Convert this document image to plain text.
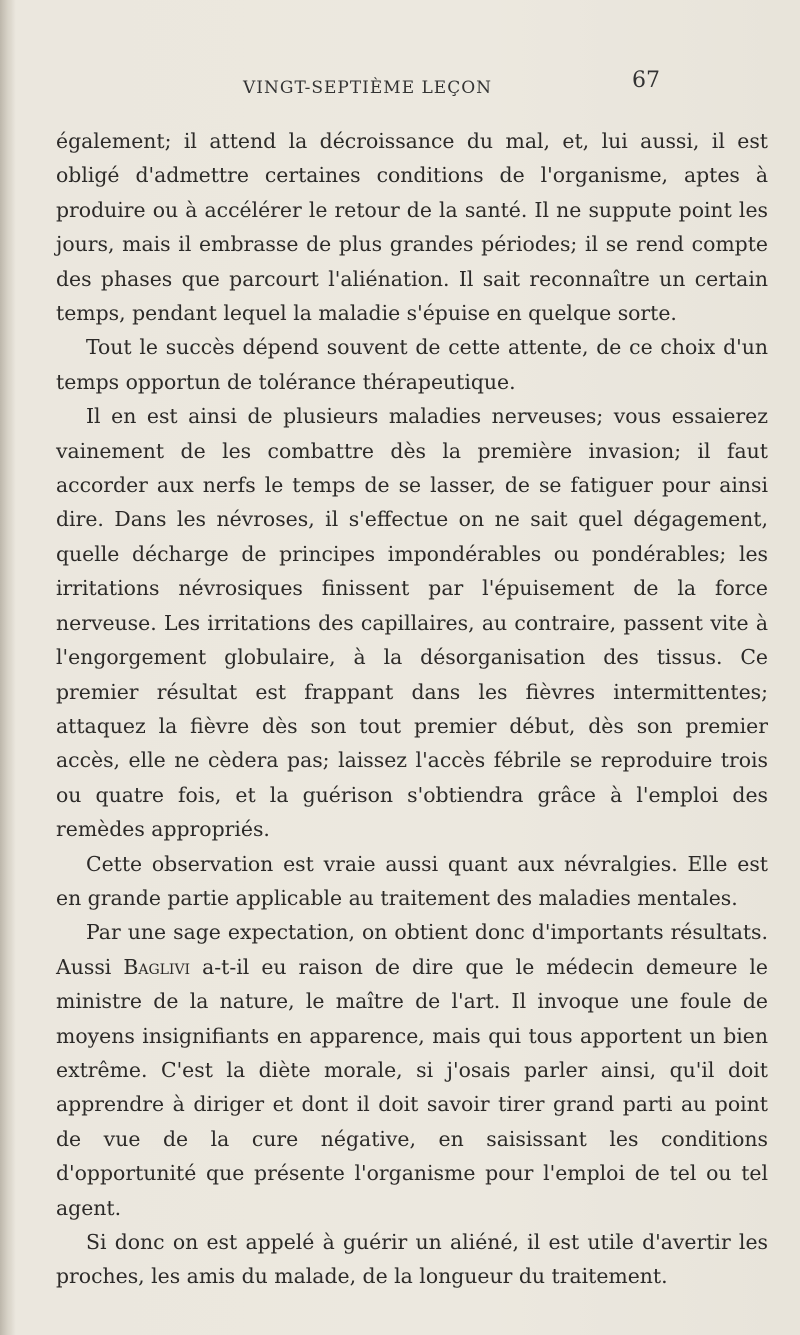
VINGT-SEPTIÈME LEÇON	67

également; il attend la décroissance du mal, et, lui aussi, il est obligé d'admettre certaines conditions de l'organisme, aptes à produire ou à accélérer le retour de la santé. Il ne suppute point les jours, mais il embrasse de plus grandes périodes; il se rend compte des phases que parcourt l'aliénation. Il sait reconnaître un certain temps, pendant lequel la maladie s'épuise en quelque sorte.

Tout le succès dépend souvent de cette attente, de ce choix d'un temps opportun de tolérance thérapeutique.

Il en est ainsi de plusieurs maladies nerveuses; vous essaierez vainement de les combattre dès la première invasion; il faut accorder aux nerfs le temps de se lasser, de se fatiguer pour ainsi dire. Dans les névroses, il s'effectue on ne sait quel dégagement, quelle décharge de principes impondérables ou pondérables; les irritations névrosiques finissent par l'épuisement de la force nerveuse. Les irritations des capillaires, au contraire, passent vite à l'engorgement globulaire, à la désorganisation des tissus. Ce premier résultat est frappant dans les fièvres intermittentes; attaquez la fièvre dès son tout premier début, dès son premier accès, elle ne cèdera pas; laissez l'accès fébrile se reproduire trois ou quatre fois, et la guérison s'obtiendra grâce à l'emploi des remèdes appropriés.

Cette observation est vraie aussi quant aux névralgies. Elle est en grande partie applicable au traitement des maladies mentales.

Par une sage expectation, on obtient donc d'importants résultats. Aussi Baglivi a-t-il eu raison de dire que le médecin demeure le ministre de la nature, le maître de l'art. Il invoque une foule de moyens insignifiants en apparence, mais qui tous apportent un bien extrême. C'est la diète morale, si j'osais parler ainsi, qu'il doit apprendre à diriger et dont il doit savoir tirer grand parti au point de vue de la cure négative, en saisissant les conditions d'opportunité que présente l'organisme pour l'emploi de tel ou tel agent.

Si donc on est appelé à guérir un aliéné, il est utile d'avertir les proches, les amis du malade, de la longueur du traitement.
